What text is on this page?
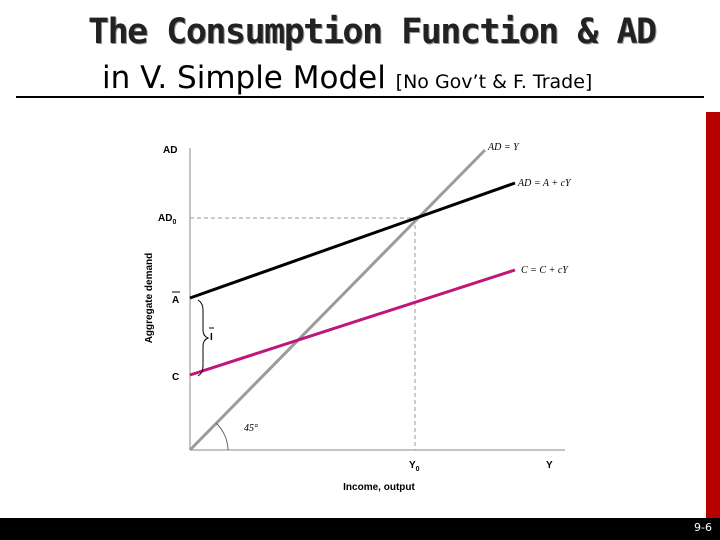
The Consumption Function & AD
in V. Simple Model [No Gov’t & F. Trade]
AD
$AD_0$
A
I
C
Aggregate demand
Income, output
$Y_0$	Y
45°
AD = Y
AD = A + cY
C = C + cY
9-6
